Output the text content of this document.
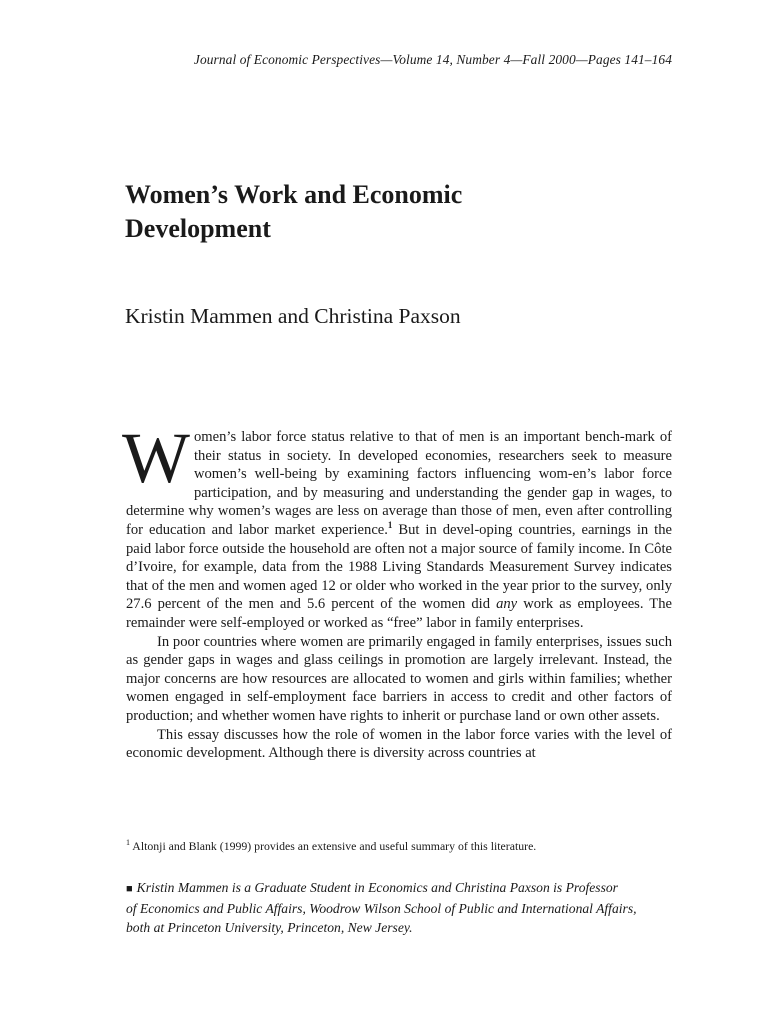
Journal of Economic Perspectives—Volume 14, Number 4—Fall 2000—Pages 141–164
Women’s Work and Economic
Development
Kristin Mammen and Christina Paxson

Women’s labor force status relative to that of men is an important bench-mark of their status in society. In developed economies, researchers seek to measure women’s well-being by examining factors influencing wom-en’s labor force participation, and by measuring and understanding the gender gap in wages, to determine why women’s wages are less on average than those of men, even after controlling for education and labor market experience.$^1$ But in devel-oping countries, earnings in the paid labor force outside the household are often not a major source of family income. In Côte d’Ivoire, for example, data from the 1988 Living Standards Measurement Survey indicates that of the men and women aged 12 or older who worked in the year prior to the survey, only 27.6 percent of the men and 5.6 percent of the women did any work as employees. The remainder were self-employed or worked as “free” labor in family enterprises.

In poor countries where women are primarily engaged in family enterprises, issues such as gender gaps in wages and glass ceilings in promotion are largely irrelevant. Instead, the major concerns are how resources are allocated to women and girls within families; whether women engaged in self-employment face barriers in access to credit and other factors of production; and whether women have rights to inherit or purchase land or own other assets.

This essay discusses how the role of women in the labor force varies with the level of economic development. Although there is diversity across countries at

$^1$ Altonji and Blank (1999) provides an extensive and useful summary of this literature.
■ Kristin Mammen is a Graduate Student in Economics and Christina Paxson is Professor
of Economics and Public Affairs, Woodrow Wilson School of Public and International Affairs,
both at Princeton University, Princeton, New Jersey.
